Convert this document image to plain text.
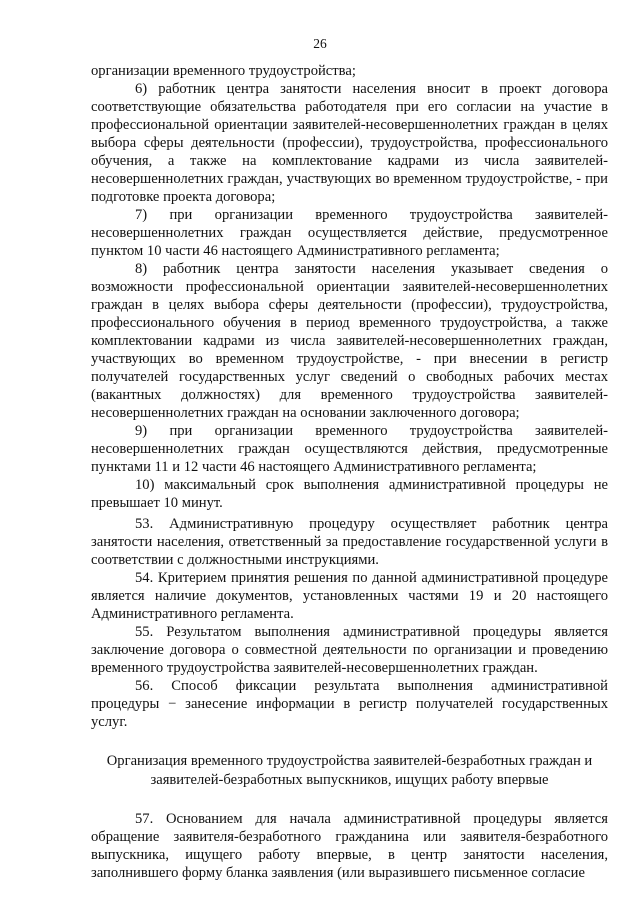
26

организации временного трудоустройства;

6) работник центра занятости населения вносит в проект договора соответствующие обязательства работодателя при его согласии на участие в профессиональной ориентации заявителей-несовершеннолетних граждан в целях выбора сферы деятельности (профессии), трудоустройства, профессионального обучения, а также на комплектование кадрами из числа заявителей-несовершеннолетних граждан, участвующих во временном трудоустройстве, - при подготовке проекта договора;

7) при организации временного трудоустройства заявителей-несовершеннолетних граждан осуществляется действие, предусмотренное пунктом 10 части 46 настоящего Административного регламента;

8) работник центра занятости населения указывает сведения о возможности профессиональной ориентации заявителей-несовершеннолетних граждан в целях выбора сферы деятельности (профессии), трудоустройства, профессионального обучения в период временного трудоустройства, а также комплектовании кадрами из числа заявителей-несовершеннолетних граждан, участвующих во временном трудоустройстве, - при внесении в регистр получателей государственных услуг сведений о свободных рабочих местах (вакантных должностях) для временного трудоустройства заявителей-несовершеннолетних граждан на основании заключенного договора;

9) при организации временного трудоустройства заявителей-несовершеннолетних граждан осуществляются действия, предусмотренные пунктами 11 и 12 части 46 настоящего Административного регламента;

10) максимальный срок выполнения административной процедуры не превышает 10 минут.

53. Административную процедуру осуществляет работник центра занятости населения, ответственный за предоставление государственной услуги в соответствии с должностными инструкциями.

54. Критерием принятия решения по данной административной процедуре является наличие документов, установленных частями 19 и 20 настоящего Административного регламента.

55. Результатом выполнения административной процедуры является заключение договора о совместной деятельности по организации и проведению временного трудоустройства заявителей-несовершеннолетних граждан.

56. Способ фиксации результата выполнения административной процедуры − занесение информации в регистр получателей государственных услуг.

Организация временного трудоустройства заявителей-безработных граждан и заявителей-безработных выпускников, ищущих работу впервые

57. Основанием для начала административной процедуры является обращение заявителя-безработного гражданина или заявителя-безработного выпускника, ищущего работу впервые, в центр занятости населения, заполнившего форму бланка заявления (или выразившего письменное согласие
